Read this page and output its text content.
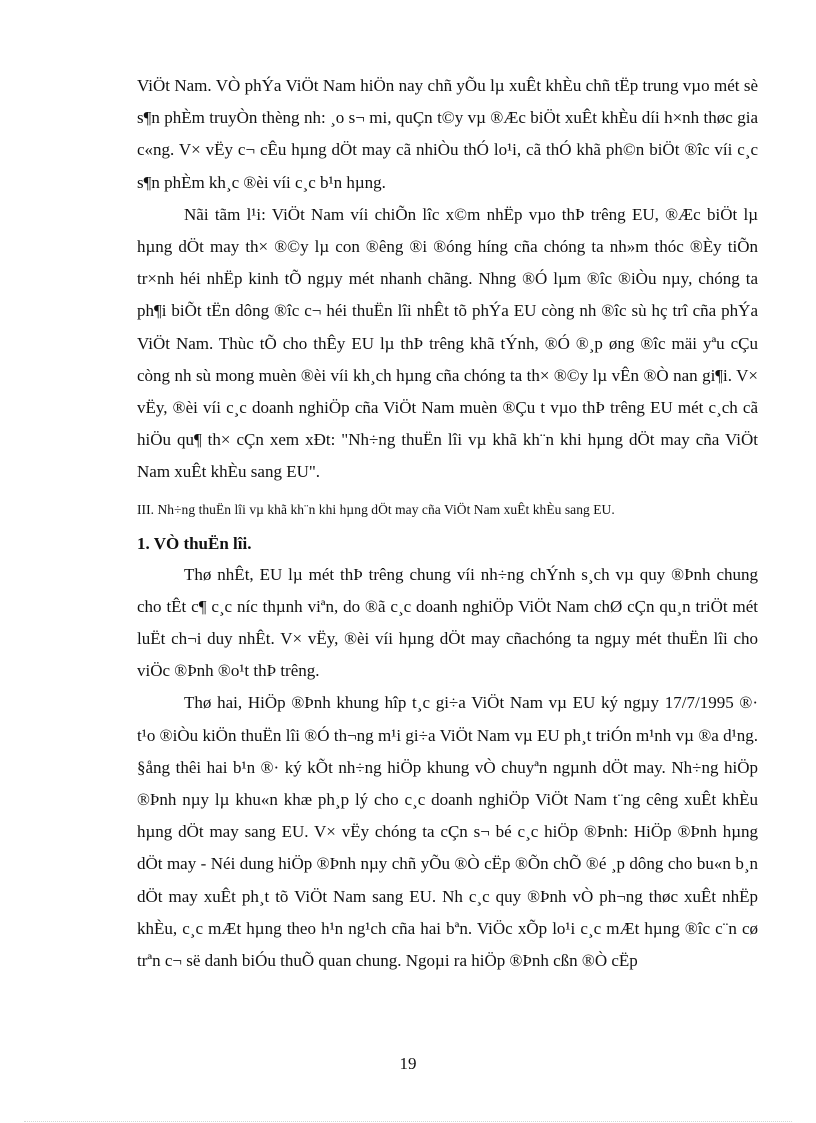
ViÖt Nam. VÒ phÝa ViÖt Nam hiÖn nay chñ yÕu lµ xuÊt khÈu chñ tËp trung vµo mét sè s¶n phÈm truyÒn thèng nh: ¸o s¬ mi, quÇn t©y vµ ®Æc biÖt xuÊt khÈu díi h×nh thøc gia c«ng. V× vËy c¬ cÊu hµng dÖt may cã nhiÒu thÓ lo¹i, cã thÓ khã ph©n biÖt ®îc víi c¸c s¶n phÈm kh¸c ®èi víi c¸c b¹n hµng.

Nãi tãm l¹i: ViÖt Nam víi chiÕn lîc x©m nhËp vµo thÞ trêng EU, ®Æc biÖt lµ hµng dÖt may th× ®©y lµ con ®êng ®i ®óng híng cña chóng ta nh»m thóc ®Èy tiÕn tr×nh héi nhËp kinh tÕ ngµy mét nhanh chãng. Nhng ®Ó lµm ®îc ®iÒu nµy, chóng ta ph¶i biÕt tËn dông ®îc c¬ héi thuËn lîi nhÊt tõ phÝa EU còng nh ®îc sù hç trî cña phÝa ViÖt Nam. Thùc tÕ cho thÊy EU lµ thÞ trêng khã tÝnh, ®Ó ®¸p øng ®îc mäi yªu cÇu còng nh sù mong muèn ®èi víi kh¸ch hµng cña chóng ta th× ®©y lµ vÊn ®Ò nan gi¶i. V× vËy, ®èi víi c¸c doanh nghiÖp cña ViÖt Nam muèn ®Çu t vµo thÞ trêng EU mét c¸ch cã hiÖu qu¶ th× cÇn xem xÐt: "Nh÷ng thuËn lîi vµ khã kh¨n khi hµng dÖt may cña ViÖt Nam xuÊt khÈu sang EU".

III. Nh÷ng thuËn lîi vµ khã kh¨n khi hµng dÖt may cña ViÖt Nam xuÊt khÈu sang EU.

1. VÒ thuËn lîi.

Thø nhÊt, EU lµ mét thÞ trêng chung víi nh÷ng chÝnh s¸ch vµ quy ®Þnh chung cho tÊt c¶ c¸c níc thµnh viªn, do ®ã c¸c doanh nghiÖp ViÖt Nam chØ cÇn qu¸n triÖt mét luËt ch¬i duy nhÊt. V× vËy, ®èi víi hµng dÖt may cñachóng ta ngµy mét thuËn lîi cho viÖc ®Þnh ®o¹t thÞ trêng.

Thø hai, HiÖp ®Þnh khung hîp t¸c gi÷a ViÖt Nam vµ EU ký ngµy 17/7/1995 ®· t¹o ®iÒu kiÖn thuËn lîi ®Ó th¬ng m¹i gi÷a ViÖt Nam vµ EU ph¸t triÓn m¹nh vµ ®a d¹ng. §ång thêi hai b¹n ®· ký kÕt nh÷ng hiÖp khung vÒ chuyªn ngµnh dÖt may. Nh÷ng hiÖp ®Þnh nµy lµ khu«n khæ ph¸p lý cho c¸c doanh nghiÖp ViÖt Nam t¨ng cêng xuÊt khÈu hµng dÖt may sang EU. V× vËy chóng ta cÇn s¬ bé c¸c hiÖp ®Þnh: HiÖp ®Þnh hµng dÖt may - Néi dung hiÖp ®Þnh nµy chñ yÕu ®Ò cËp ®Õn chÕ ®é ¸p dông cho bu«n b¸n dÖt may xuÊt ph¸t tõ ViÖt Nam sang EU. Nh c¸c quy ®Þnh vÒ ph¬ng thøc xuÊt nhËp khÈu, c¸c mÆt hµng theo h¹n ng¹ch cña hai bªn. ViÖc xÕp lo¹i c¸c mÆt hµng ®îc c¨n cø trªn c¬ së danh biÓu thuÕ quan chung. Ngoµi ra hiÖp ®Þnh cßn ®Ò cËp

19
